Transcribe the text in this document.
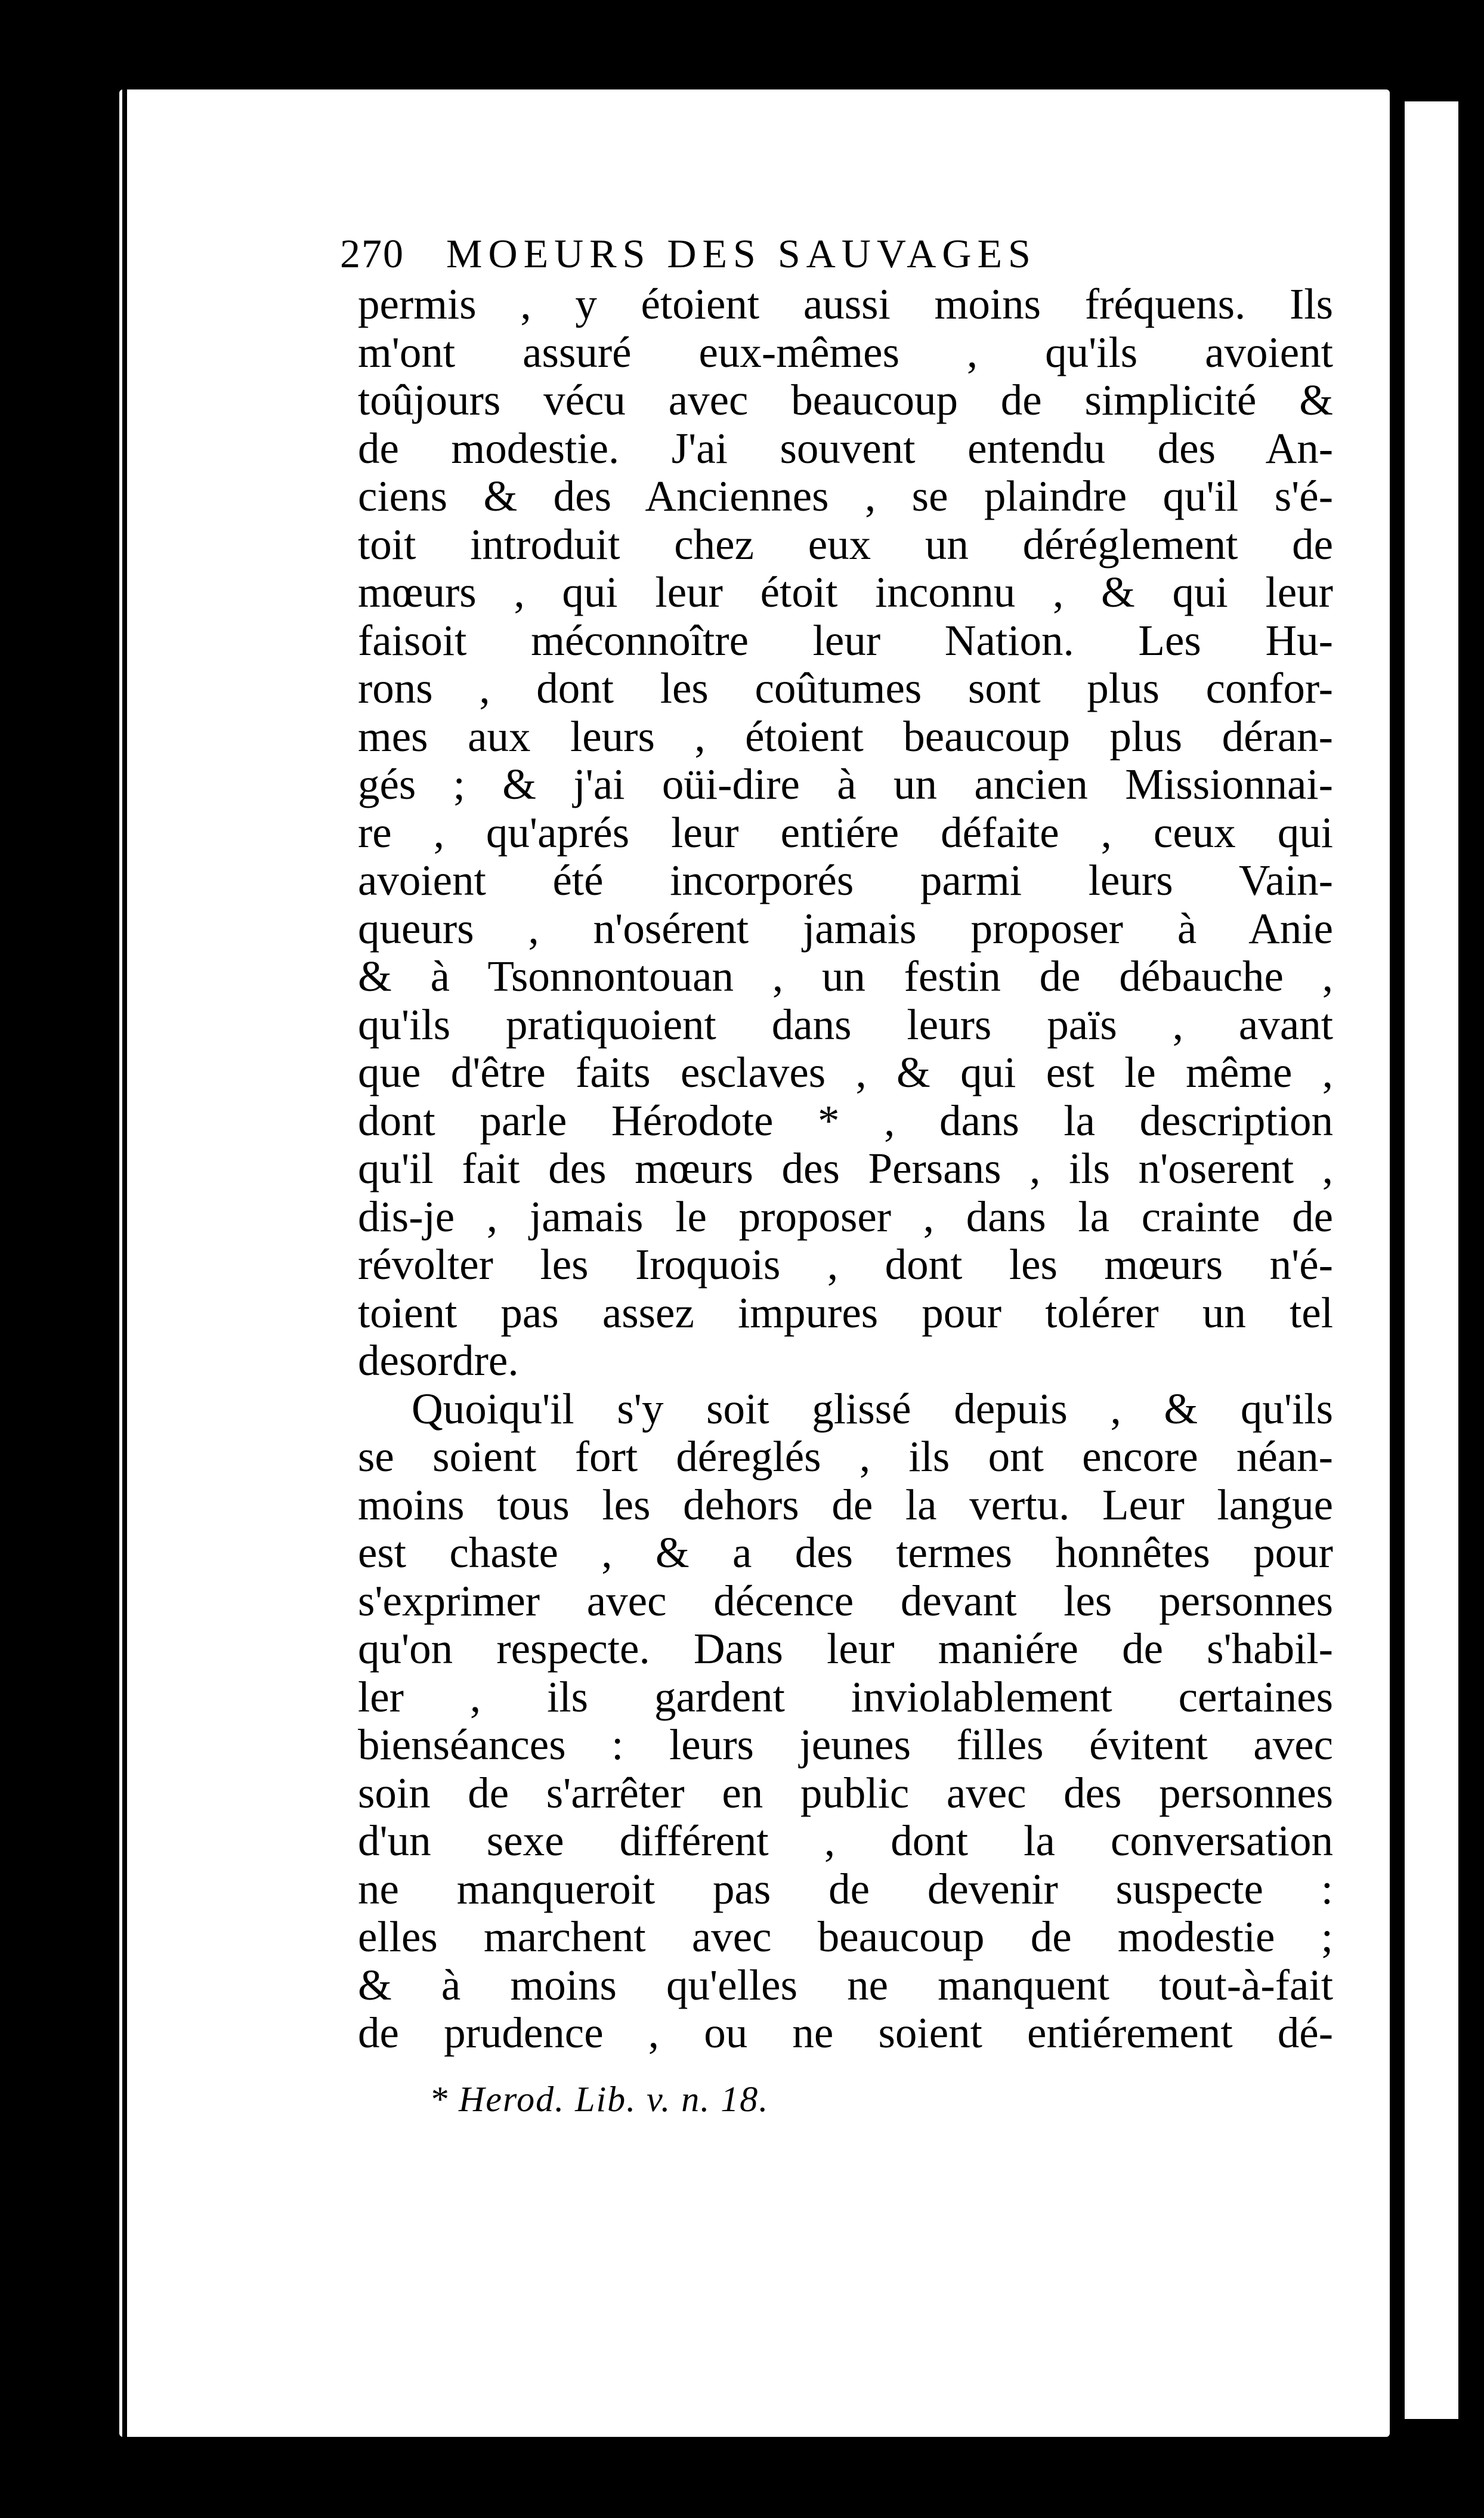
270 MOEURS DES SAUVAGES
permis , y étoient aussi moins fréquens. Ils
m'ont assuré eux-mêmes , qu'ils avoient
toûjours vécu avec beaucoup de simplicité &
de modestie. J'ai souvent entendu des An-
ciens & des Anciennes , se plaindre qu'il s'é-
toit introduit chez eux un déréglement de
mœurs , qui leur étoit inconnu , & qui leur
faisoit méconnoître leur Nation. Les Hu-
rons , dont les coûtumes sont plus confor-
mes aux leurs , étoient beaucoup plus déran-
gés ; & j'ai oüi-dire à un ancien Missionnai-
re , qu'aprés leur entiére défaite , ceux qui
avoient été incorporés parmi leurs Vain-
queurs , n'osérent jamais proposer à Anie
& à Tsonnontouan , un festin de débauche ,
qu'ils pratiquoient dans leurs païs , avant
que d'être faits esclaves , & qui est le même ,
dont parle Hérodote * , dans la description
qu'il fait des mœurs des Persans , ils n'oserent ,
dis-je , jamais le proposer , dans la crainte de
révolter les Iroquois , dont les mœurs n'é-
toient pas assez impures pour tolérer un tel
desordre.
Quoiqu'il s'y soit glissé depuis , & qu'ils
se soient fort déreglés , ils ont encore néan-
moins tous les dehors de la vertu. Leur langue
est chaste , & a des termes honnêtes pour
s'exprimer avec décence devant les personnes
qu'on respecte. Dans leur maniére de s'habil-
ler , ils gardent inviolablement certaines
bienséances : leurs jeunes filles évitent avec
soin de s'arrêter en public avec des personnes
d'un sexe différent , dont la conversation
ne manqueroit pas de devenir suspecte :
elles marchent avec beaucoup de modestie ;
& à moins qu'elles ne manquent tout-à-fait
de prudence , ou ne soient entiérement dé-
* Herod. Lib. v. n. 18.
